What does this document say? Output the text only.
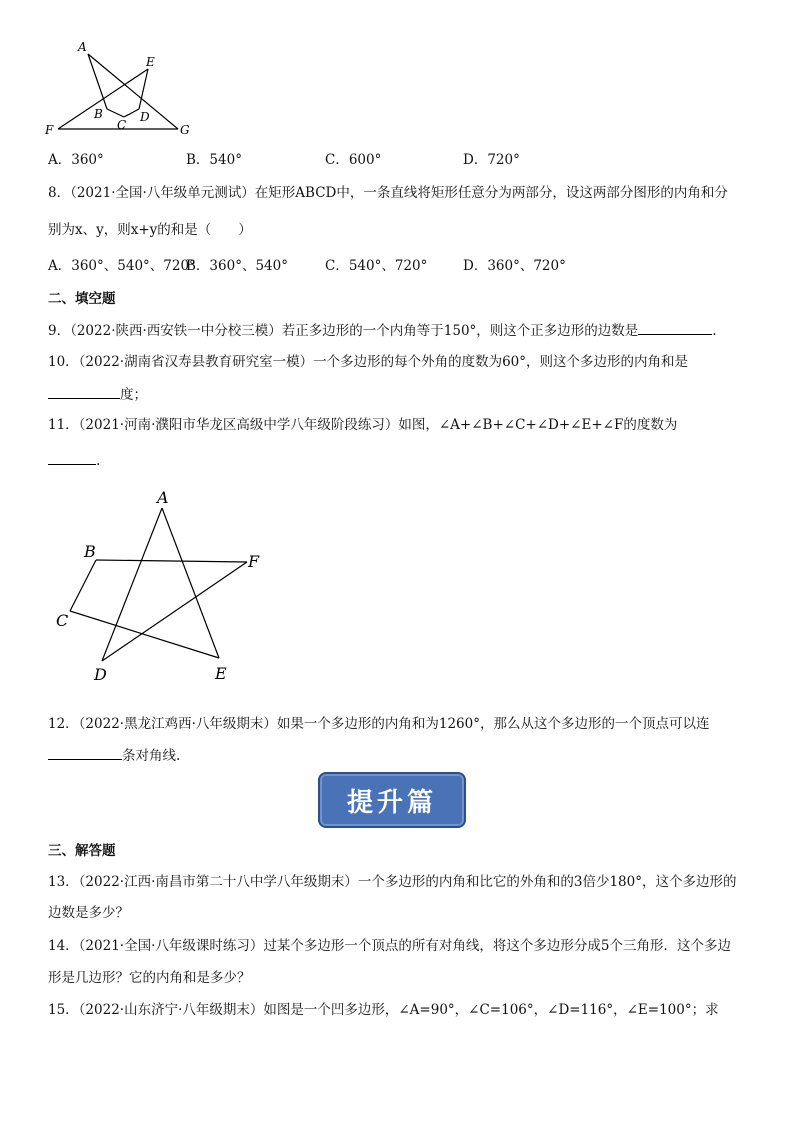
A
E
B
C
D
F	G
A．360°	B．540°	C．600°	D．720°
8．（2021·全国·八年级单元测试）在矩形ABCD中，一条直线将矩形任意分为两部分，设这两部分图形的内角和分
别为x、y，则x+y的和是（　　）
A．360°、540°、720°
B．360°、540°	C．540°、720°	D．360°、720°
二、填空题
9．（2022·陕西·西安铁一中分校三模）若正多边形的一个内角等于150°，则这个正多边形的边数是	.
10．（2022·湖南省汉寿县教育研究室一模）一个多边形的每个外角的度数为60°，则这个多边形的内角和是
度；
11．（2021·河南·濮阳市华龙区高级中学八年级阶段练习）如图，∠A+∠B+∠C+∠D+∠E+∠F的度数为
.
A
B
C
D	E
F
12．（2022·黑龙江鸡西·八年级期末）如果一个多边形的内角和为1260°，那么从这个多边形的一个顶点可以连
条对角线.
提升篇
三、解答题
13．（2022·江西·南昌市第二十八中学八年级期末）一个多边形的内角和比它的外角和的3倍少180°，这个多边形的
边数是多少？
14．（2021·全国·八年级课时练习）过某个多边形一个顶点的所有对角线，将这个多边形分成5个三角形．这个多边
形是几边形？它的内角和是多少？
15．（2022·山东济宁·八年级期末）如图是一个凹多边形，∠A=90°，∠C=106°，∠D=116°，∠E=100°；求
